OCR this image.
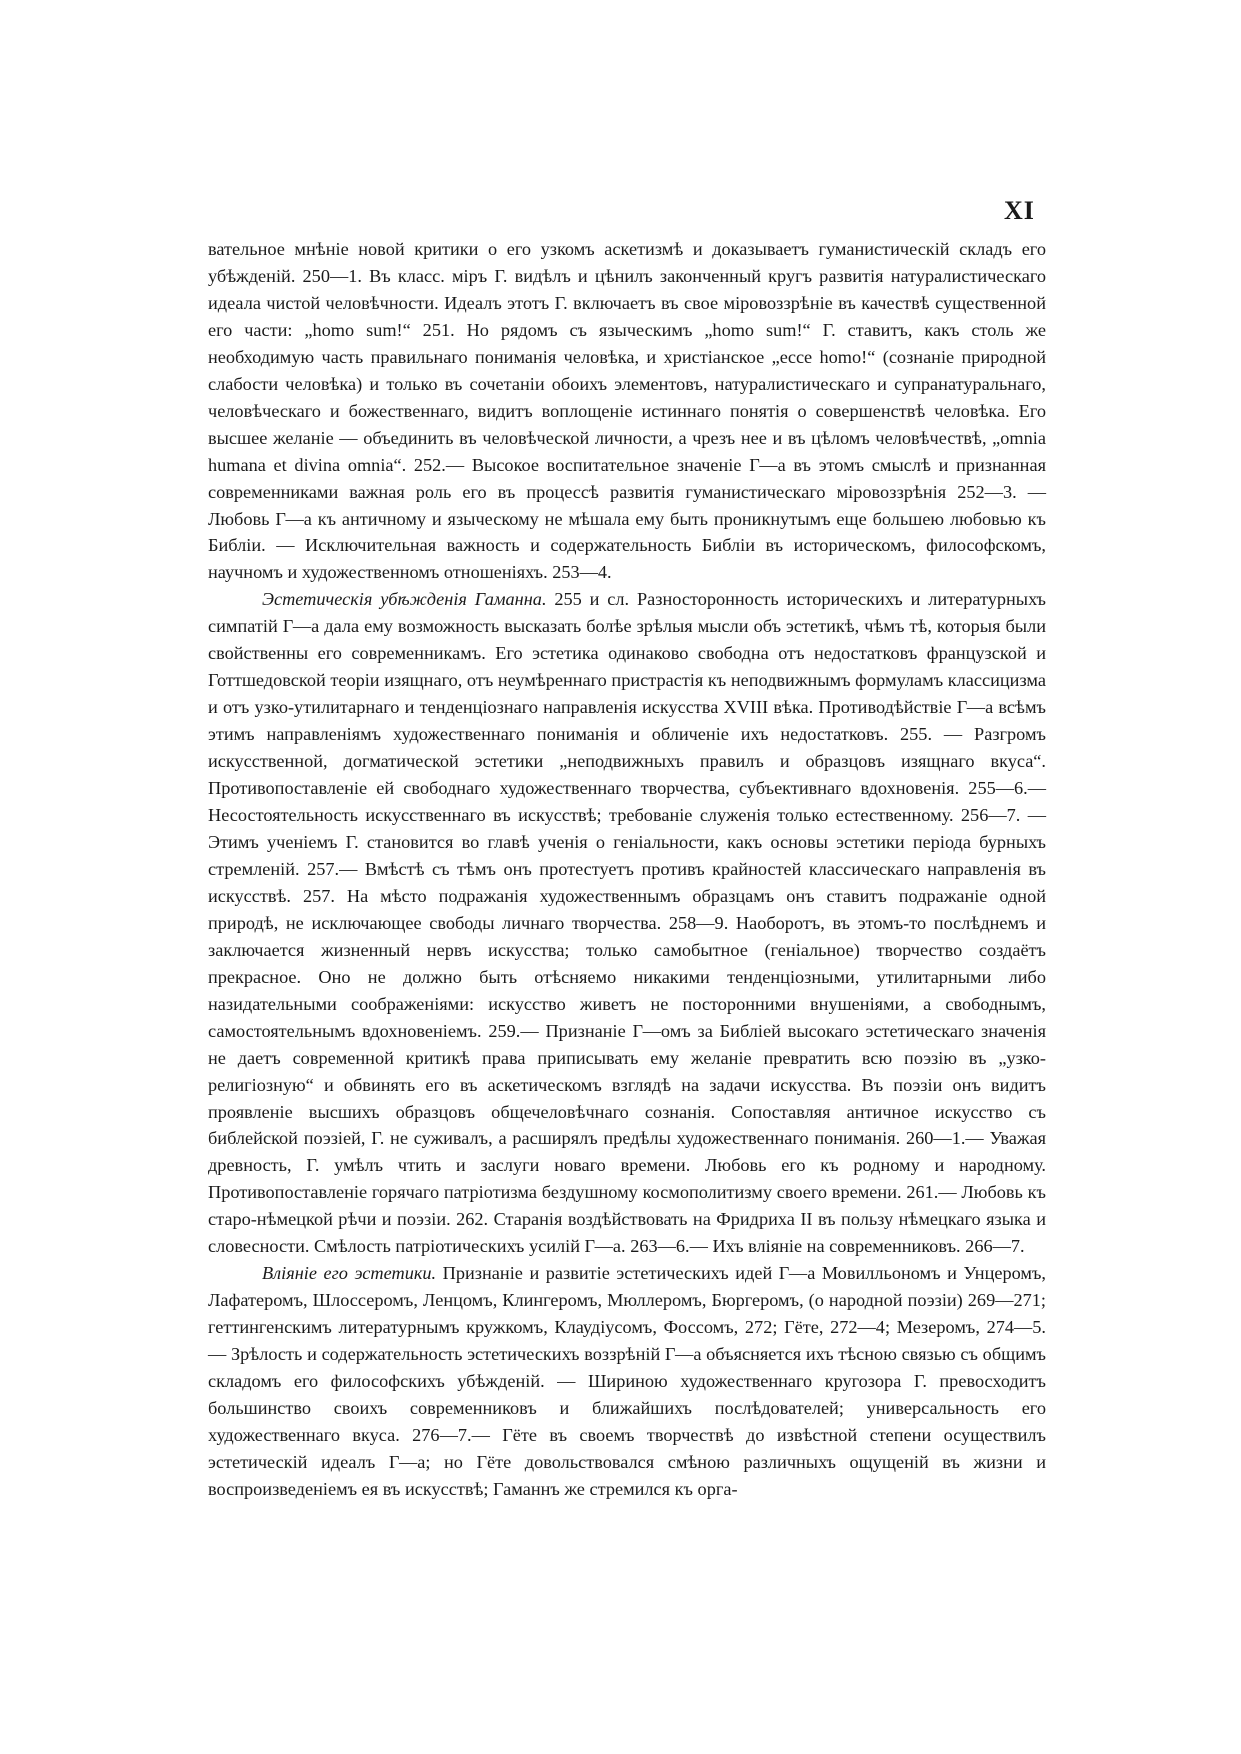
XI

вательное мнѣніе новой критики о его узкомъ аскетизмѣ и доказываетъ гуманистическій складъ его убѣжденій. 250—1. Въ класс. міръ Г. видѣлъ и цѣнилъ законченный кругъ развитія натуралистическаго идеала чистой человѣчности. Идеалъ этотъ Г. включаетъ въ свое міровоззрѣніе въ качествѣ существенной его части: „homo sum!“ 251. Но рядомъ съ языческимъ „homo sum!“ Г. ставитъ, какъ столь же необходимую часть правильнаго пониманія человѣка, и христіанское „ecce homo!“ (сознаніе природной слабости человѣка) и только въ сочетаніи обоихъ элементовъ, натуралистическаго и супранатуральнаго, человѣческаго и божественнаго, видитъ воплощеніе истиннаго понятія о совершенствѣ человѣка. Его высшее желаніе — объединить въ человѣческой личности, а чрезъ нее и въ цѣломъ человѣчествѣ, „omnia humana et divina omnia“. 252.— Высокое воспитательное значеніе Г—а въ этомъ смыслѣ и признанная современниками важная роль его въ процессѣ развитія гуманистическаго міровоззрѣнія 252—3. — Любовь Г—а къ античному и языческому не мѣшала ему быть проникнутымъ еще большею любовью къ Библіи. — Исключительная важность и содержательность Библіи въ историческомъ, философскомъ, научномъ и художественномъ отношеніяхъ. 253—4.

Эстетическія убѣжденія Гаманна. 255 и сл. Разносторонность историческихъ и литературныхъ симпатій Г—а дала ему возможность высказать болѣе зрѣлыя мысли объ эстетикѣ, чѣмъ тѣ, которыя были свойственны его современникамъ. Его эстетика одинаково свободна отъ недостатковъ французской и Готтшедовской теоріи изящнаго, отъ неумѣреннаго пристрастія къ неподвижнымъ формуламъ классицизма и отъ узко-утилитарнаго и тенденціознаго направленія искусства XVIII вѣка. Противодѣйствіе Г—а всѣмъ этимъ направленіямъ художественнаго пониманія и обличеніе ихъ недостатковъ. 255. — Разгромъ искусственной, догматической эстетики „неподвижныхъ правилъ и образцовъ изящнаго вкуса“. Противопоставленіе ей свободнаго художественнаго творчества, субъективнаго вдохновенія. 255—6.— Несостоятельность искусственнаго въ искусствѣ; требованіе служенія только естественному. 256—7. — Этимъ ученіемъ Г. становится во главѣ ученія о геніальности, какъ основы эстетики періода бурныхъ стремленій. 257.— Вмѣстѣ съ тѣмъ онъ протестуетъ противъ крайностей классическаго направленія въ искусствѣ. 257. На мѣсто подражанія художественнымъ образцамъ онъ ставитъ подражаніе одной природѣ, не исключающее свободы личнаго творчества. 258—9. Наоборотъ, въ этомъ-то послѣднемъ и заключается жизненный нервъ искусства; только самобытное (геніальное) творчество создаётъ прекрасное. Оно не должно быть отѣсняемо никакими тенденціозными, утилитарными либо назидательными соображеніями: искусство живетъ не посторонними внушеніями, а свободнымъ, самостоятельнымъ вдохновеніемъ. 259.— Признаніе Г—омъ за Библіей высокаго эстетическаго значенія не даетъ современной критикѣ права приписывать ему желаніе превратить всю поэзію въ „узко-религіозную“ и обвинять его въ аскетическомъ взглядѣ на задачи искусства. Въ поэзіи онъ видитъ проявленіе высшихъ образцовъ общечеловѣчнаго сознанія. Сопоставляя античное искусство съ библейской поэзіей, Г. не суживалъ, а расширялъ предѣлы художественнаго пониманія. 260—1.— Уважая древность, Г. умѣлъ чтить и заслуги новаго времени. Любовь его къ родному и народному. Противопоставленіе горячаго патріотизма бездушному космополитизму своего времени. 261.— Любовь къ старо-нѣмецкой рѣчи и поэзіи. 262. Старанія воздѣйствовать на Фридриха II въ пользу нѣмецкаго языка и словесности. Смѣлость патріотическихъ усилій Г—а. 263—6.— Ихъ вліяніе на современниковъ. 266—7.

Вліяніе его эстетики. Признаніе и развитіе эстетическихъ идей Г—а Мовилльономъ и Унцеромъ, Лафатеромъ, Шлоссеромъ, Ленцомъ, Клингеромъ, Мюллеромъ, Бюргеромъ, (о народной поэзіи) 269—271; геттингенскимъ литературнымъ кружкомъ, Клаудіусомъ, Фоссомъ, 272; Гёте, 272—4; Мезеромъ, 274—5. — Зрѣлость и содержательность эстетическихъ воззрѣній Г—а объясняется ихъ тѣсною связью съ общимъ складомъ его философскихъ убѣжденій. — Шириною художественнаго кругозора Г. превосходитъ большинство своихъ современниковъ и ближайшихъ послѣдователей; универсальность его художественнаго вкуса. 276—7.— Гёте въ своемъ творчествѣ до извѣстной степени осуществилъ эстетическій идеалъ Г—а; но Гёте довольствовался смѣною различныхъ ощущеній въ жизни и воспроизведеніемъ ея въ искусствѣ; Гаманнъ же стремился къ орга-
